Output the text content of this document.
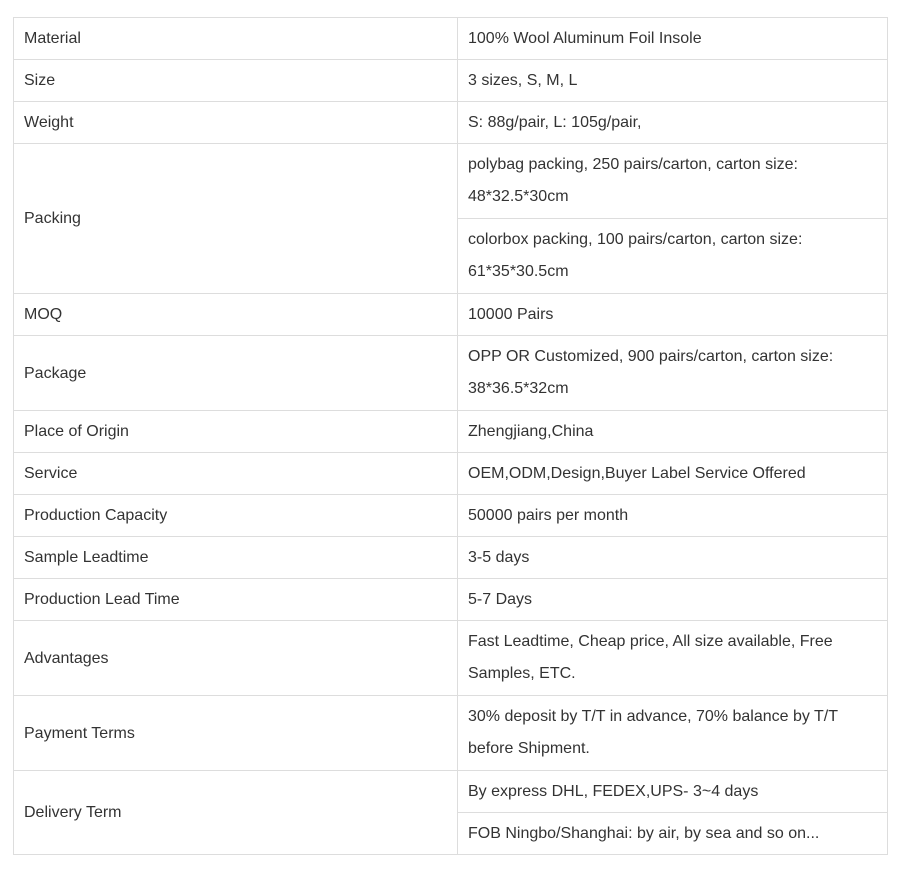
Material	100% Wool Aluminum Foil Insole
Size	3 sizes, S, M, L
Weight	S: 88g/pair, L: 105g/pair,
Packing	polybag packing, 250 pairs/carton, carton size: 48*32.5*30cm
	colorbox packing, 100 pairs/carton, carton size: 61*35*30.5cm
MOQ	10000 Pairs
Package	OPP OR Customized, 900 pairs/carton, carton size: 38*36.5*32cm
Place of Origin	Zhengjiang,China
Service	OEM,ODM,Design,Buyer Label Service Offered
Production Capacity	50000 pairs per month
Sample Leadtime	3-5 days
Production Lead Time	5-7 Days
Advantages	Fast Leadtime, Cheap price, All size available, Free Samples, ETC.
Payment Terms	30% deposit by T/T in advance, 70% balance by T/T before Shipment.
Delivery Term	By express DHL, FEDEX,UPS- 3~4 days
	FOB Ningbo/Shanghai: by air, by sea and so on...
